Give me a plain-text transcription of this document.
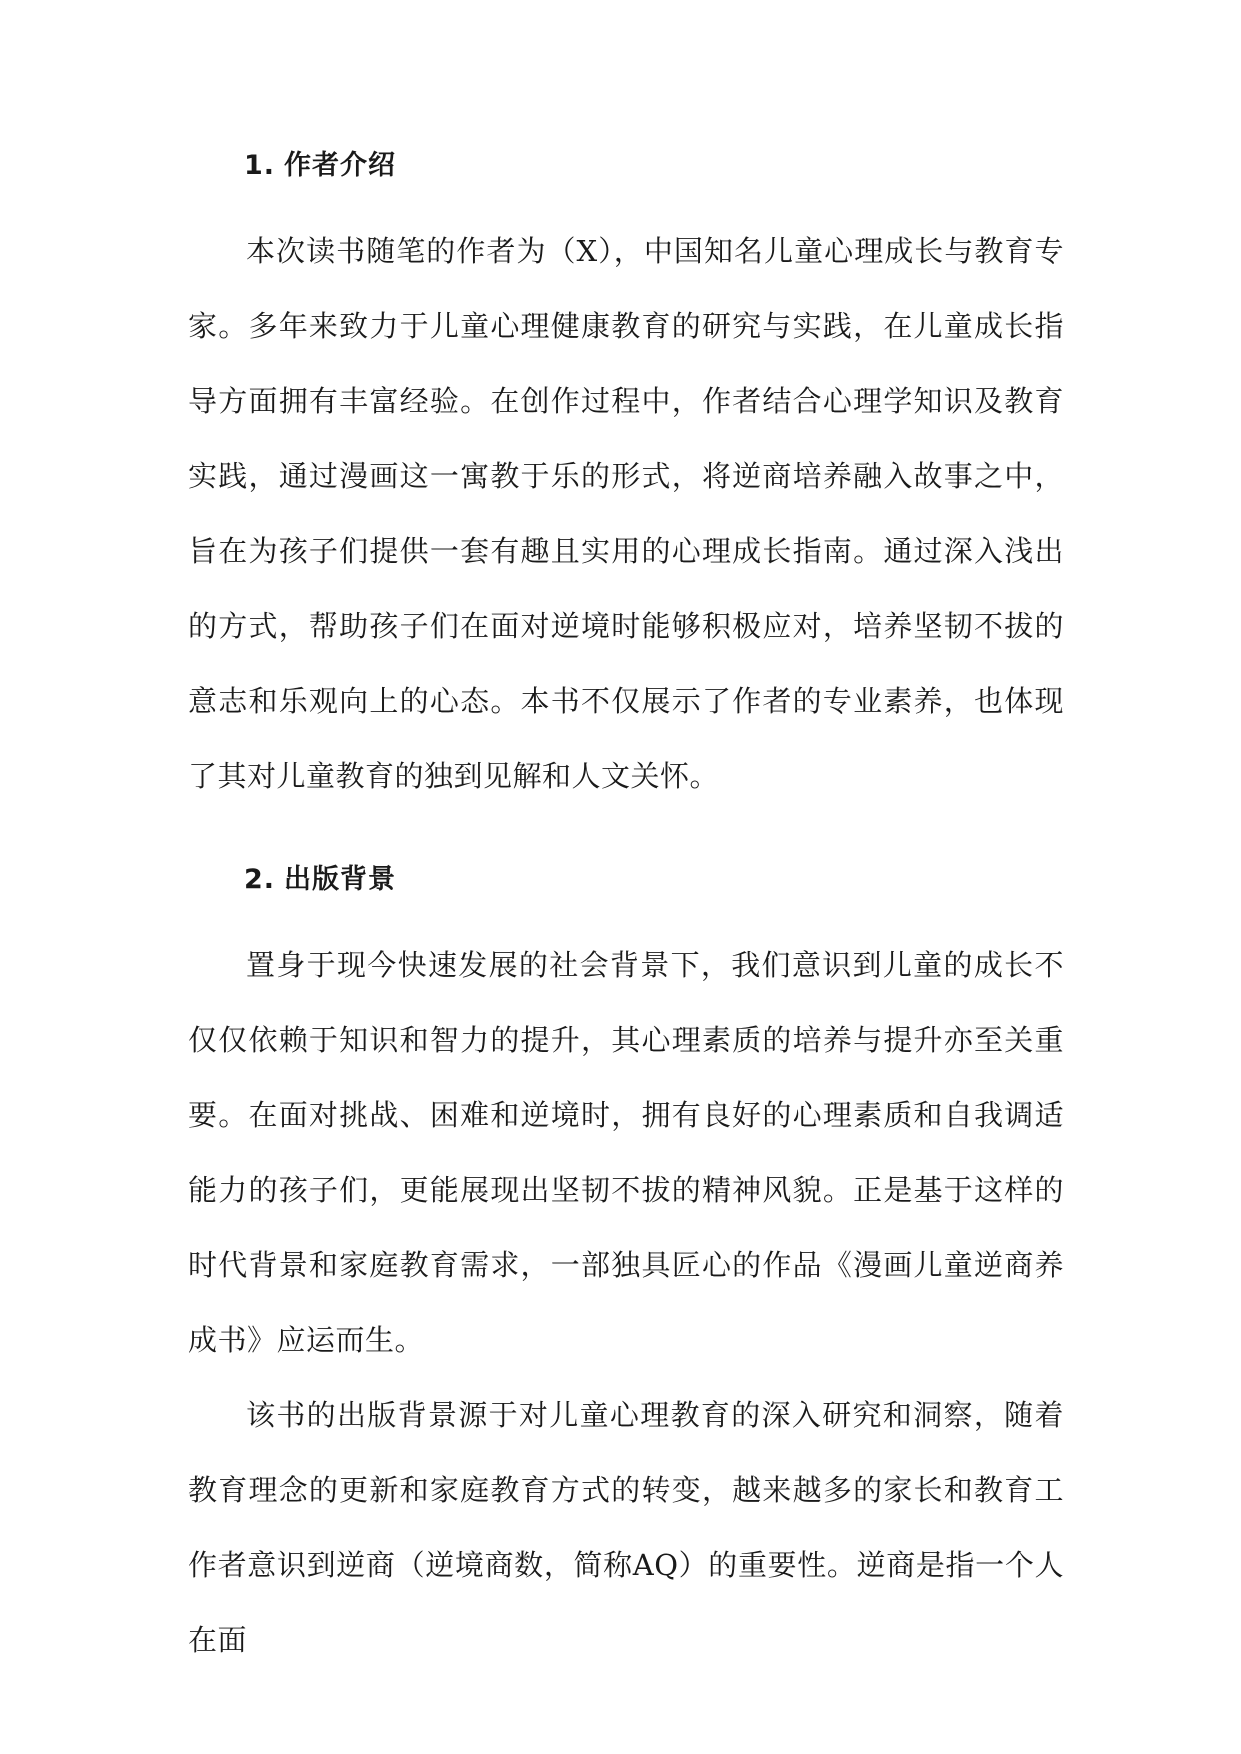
1. 作者介绍

本次读书随笔的作者为（X），中国知名儿童心理成长与教育专家。多年来致力于儿童心理健康教育的研究与实践，在儿童成长指导方面拥有丰富经验。在创作过程中，作者结合心理学知识及教育实践，通过漫画这一寓教于乐的形式，将逆商培养融入故事之中，旨在为孩子们提供一套有趣且实用的心理成长指南。通过深入浅出的方式，帮助孩子们在面对逆境时能够积极应对，培养坚韧不拔的意志和乐观向上的心态。本书不仅展示了作者的专业素养，也体现了其对儿童教育的独到见解和人文关怀。

2. 出版背景

置身于现今快速发展的社会背景下，我们意识到儿童的成长不仅仅依赖于知识和智力的提升，其心理素质的培养与提升亦至关重要。在面对挑战、困难和逆境时，拥有良好的心理素质和自我调适能力的孩子们，更能展现出坚韧不拔的精神风貌。正是基于这样的时代背景和家庭教育需求，一部独具匠心的作品《漫画儿童逆商养成书》应运而生。

该书的出版背景源于对儿童心理教育的深入研究和洞察，随着教育理念的更新和家庭教育方式的转变，越来越多的家长和教育工作者意识到逆商（逆境商数，简称AQ）的重要性。逆商是指一个人在面
